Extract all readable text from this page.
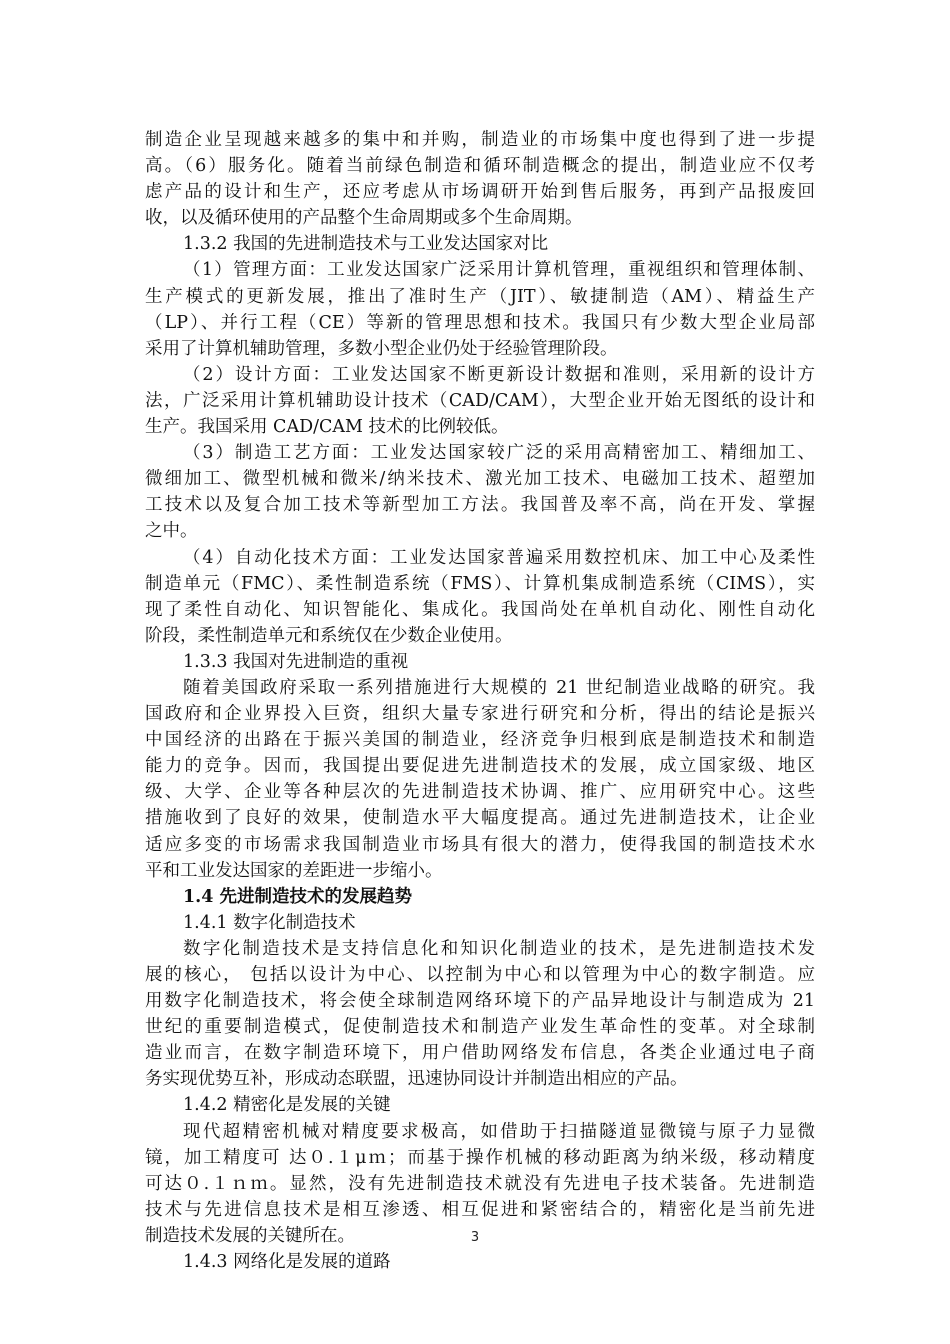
制造企业呈现越来越多的集中和并购，制造业的市场集中度也得到了进一步提
高。（6）服务化。随着当前绿色制造和循环制造概念的提出，制造业应不仅考
虑产品的设计和生产，还应考虑从市场调研开始到售后服务，再到产品报废回
收，以及循环使用的产品整个生命周期或多个生命周期。
1.3.2 我国的先进制造技术与工业发达国家对比
（1）管理方面：工业发达国家广泛采用计算机管理，重视组织和管理体制、
生产模式的更新发展，推出了准时生产（JIT）、敏捷制造（AM）、精益生产
（LP）、并行工程（CE）等新的管理思想和技术。我国只有少数大型企业局部
采用了计算机辅助管理，多数小型企业仍处于经验管理阶段。
（2）设计方面：工业发达国家不断更新设计数据和准则，采用新的设计方
法，广泛采用计算机辅助设计技术（CAD/CAM），大型企业开始无图纸的设计和
生产。我国采用 CAD/CAM 技术的比例较低。
（3）制造工艺方面：工业发达国家较广泛的采用高精密加工、精细加工、
微细加工、微型机械和微米/纳米技术、激光加工技术、电磁加工技术、超塑加
工技术以及复合加工技术等新型加工方法。我国普及率不高，尚在开发、掌握
之中。
（4）自动化技术方面：工业发达国家普遍采用数控机床、加工中心及柔性
制造单元（FMC）、柔性制造系统（FMS）、计算机集成制造系统（CIMS），实
现了柔性自动化、知识智能化、集成化。我国尚处在单机自动化、刚性自动化
阶段，柔性制造单元和系统仅在少数企业使用。
1.3.3 我国对先进制造的重视
随着美国政府采取一系列措施进行大规模的 21 世纪制造业战略的研究。我
国政府和企业界投入巨资，组织大量专家进行研究和分析，得出的结论是振兴
中国经济的出路在于振兴美国的制造业，经济竞争归根到底是制造技术和制造
能力的竞争。因而，我国提出要促进先进制造技术的发展，成立国家级、地区
级、大学、企业等各种层次的先进制造技术协调、推广、应用研究中心。这些
措施收到了良好的效果，使制造水平大幅度提高。通过先进制造技术，让企业
适应多变的市场需求我国制造业市场具有很大的潜力，使得我国的制造技术水
平和工业发达国家的差距进一步缩小。
1.4 先进制造技术的发展趋势
1.4.1 数字化制造技术
数字化制造技术是支持信息化和知识化制造业的技术，是先进制造技术发
展的核心， 包括以设计为中心、以控制为中心和以管理为中心的数字制造。应
用数字化制造技术，将会使全球制造网络环境下的产品异地设计与制造成为 21
世纪的重要制造模式，促使制造技术和制造产业发生革命性的变革。对全球制
造业而言，在数字制造环境下，用户借助网络发布信息，各类企业通过电子商
务实现优势互补，形成动态联盟，迅速协同设计并制造出相应的产品。
1.4.2 精密化是发展的关键
现代超精密机械对精度要求极高，如借助于扫描隧道显微镜与原子力显微
镜，加工精度可 达０.１μｍ；而基于操作机械的移动距离为纳米级，移动精度
可达０.１ｎｍ。显然，没有先进制造技术就没有先进电子技术装备。先进制造
技术与先进信息技术是相互渗透、相互促进和紧密结合的，精密化是当前先进
制造技术发展的关键所在。
1.4.3 网络化是发展的道路
3
